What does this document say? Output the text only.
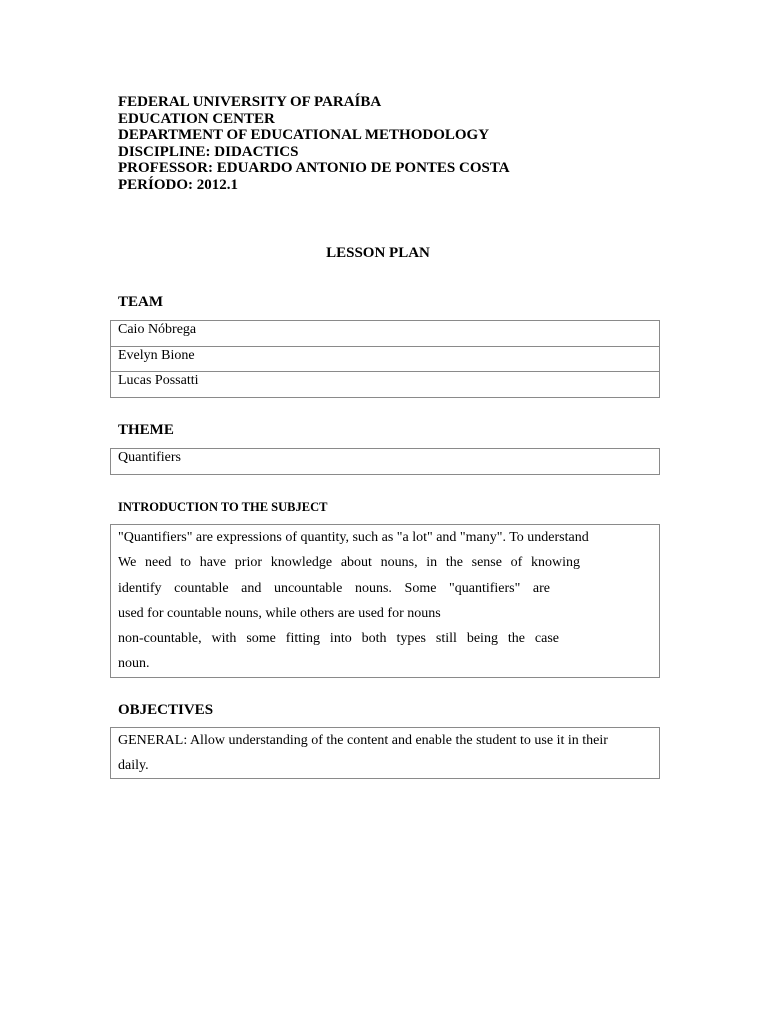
FEDERAL UNIVERSITY OF PARAÍBA
EDUCATION CENTER
DEPARTMENT OF EDUCATIONAL METHODOLOGY
DISCIPLINE: DIDACTICS
PROFESSOR: EDUARDO ANTONIO DE PONTES COSTA
PERÍODO: 2012.1
LESSON PLAN
TEAM
Caio Nóbrega
Evelyn Bione
Lucas Possatti
THEME
Quantifiers
INTRODUCTION TO THE SUBJECT
"Quantifiers" are expressions of quantity, such as "a lot" and "many". To understand
We need to have prior knowledge about nouns, in the sense of knowing
identify countable and uncountable nouns. Some "quantifiers" are
used for countable nouns, while others are used for nouns
non-countable, with some fitting into both types still being the case
noun.
OBJECTIVES
GENERAL: Allow understanding of the content and enable the student to use it in their
daily.
